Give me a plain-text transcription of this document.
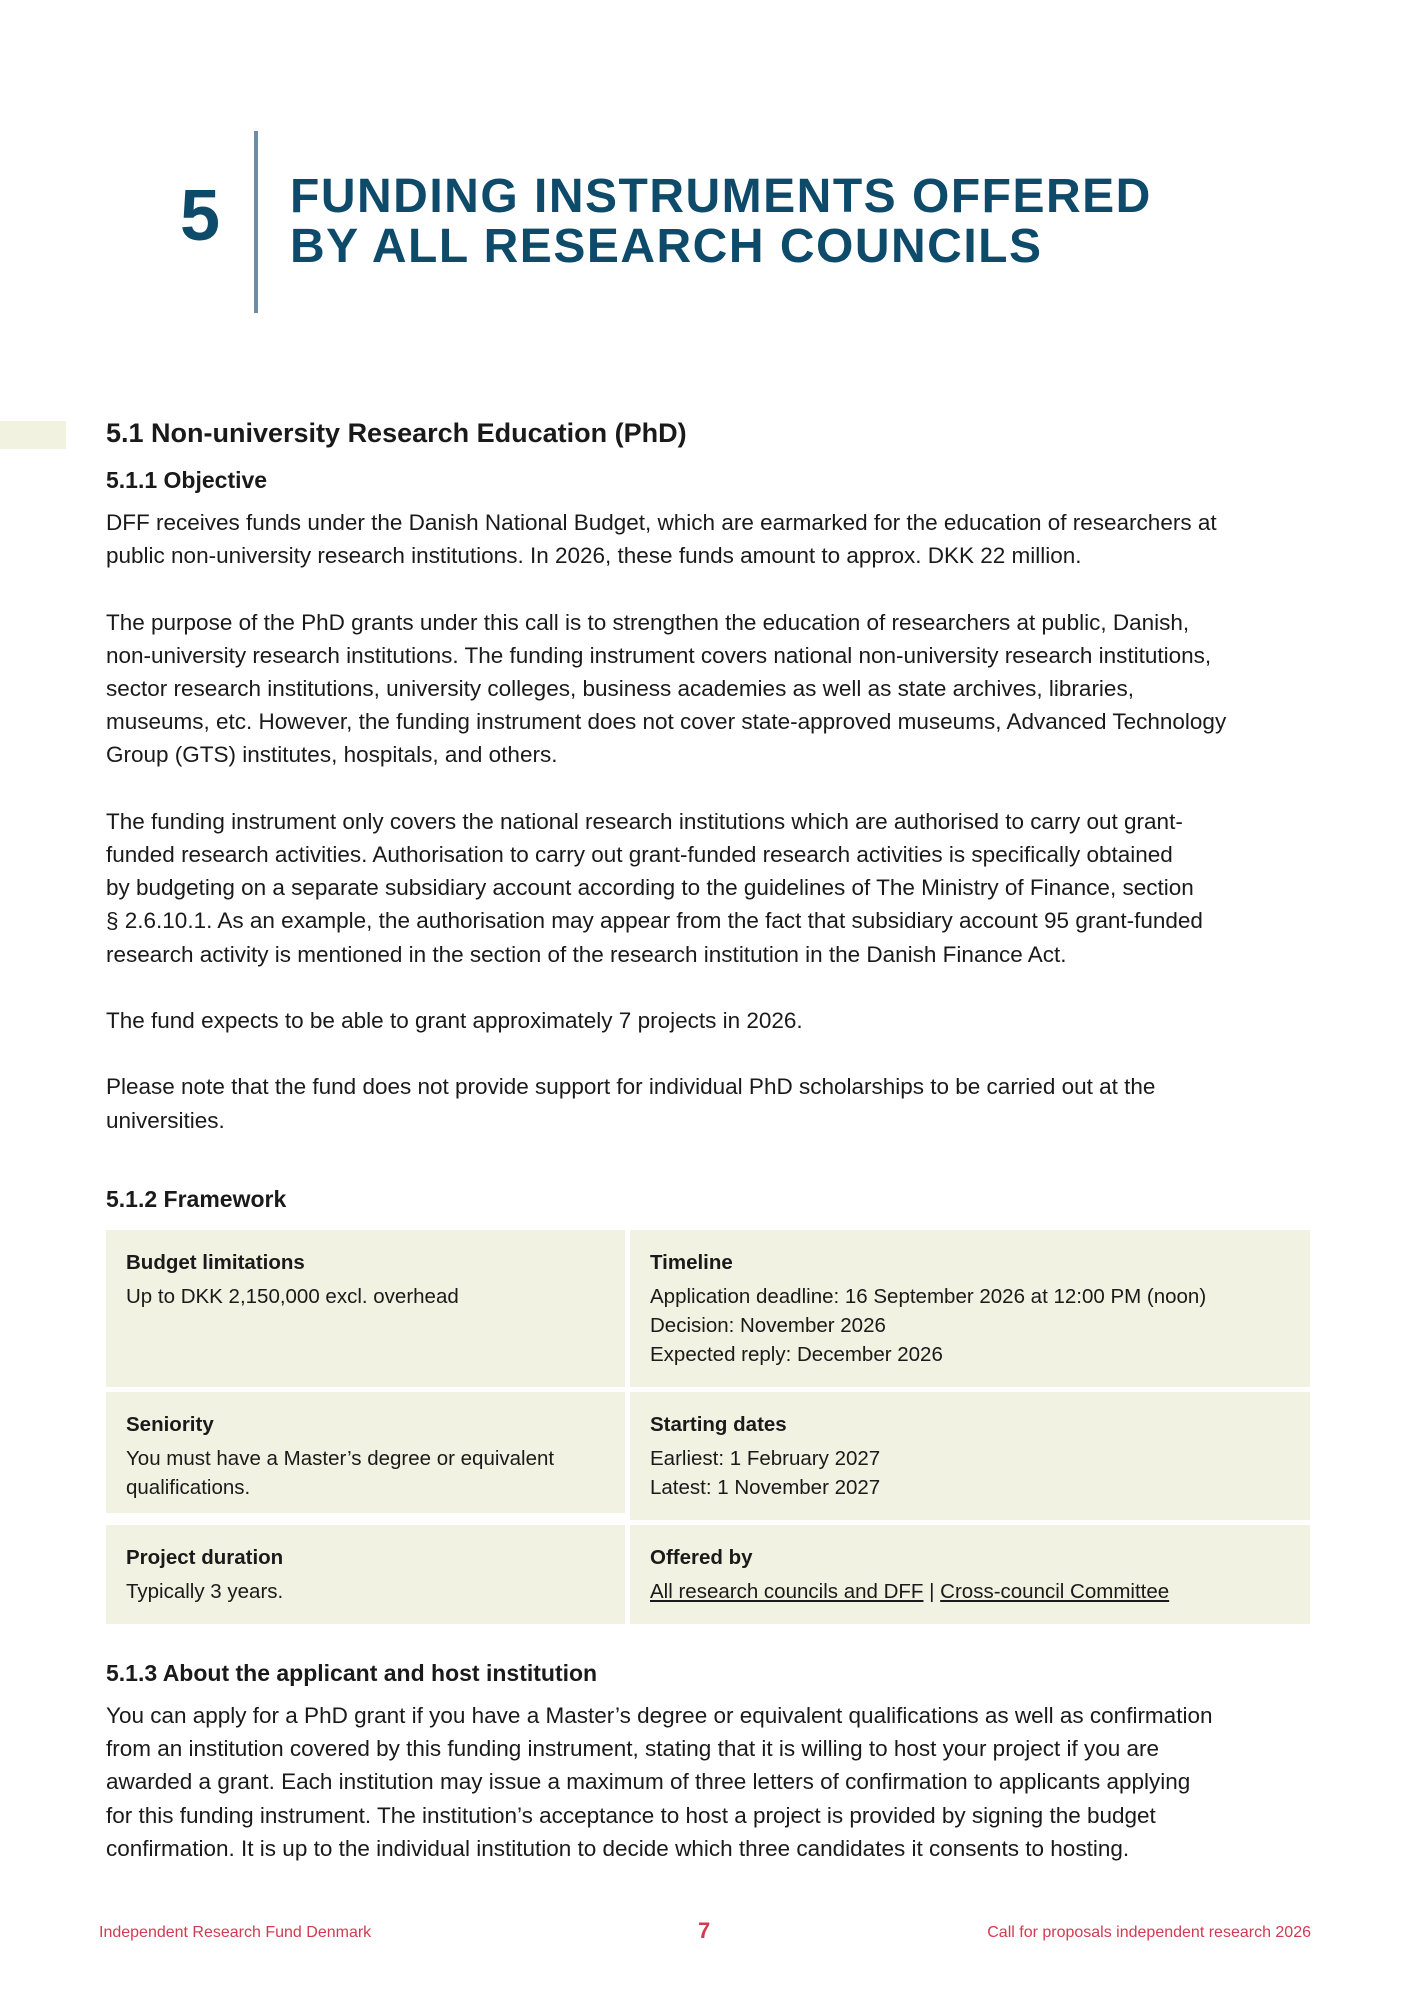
5 FUNDING INSTRUMENTS OFFERED
BY ALL RESEARCH COUNCILS
5.1 Non-university Research Education (PhD)
5.1.1 Objective
DFF receives funds under the Danish National Budget, which are earmarked for the education of researchers at
public non-university research institutions. In 2026, these funds amount to approx. DKK 22 million.
The purpose of the PhD grants under this call is to strengthen the education of researchers at public, Danish,
non-university research institutions. The funding instrument covers national non-university research institutions,
sector research institutions, university colleges, business academies as well as state archives, libraries,
museums, etc. However, the funding instrument does not cover state-approved museums, Advanced Technology
Group (GTS) institutes, hospitals, and others.
The funding instrument only covers the national research institutions which are authorised to carry out grant-
funded research activities. Authorisation to carry out grant-funded research activities is specifically obtained
by budgeting on a separate subsidiary account according to the guidelines of The Ministry of Finance, section
§ 2.6.10.1. As an example, the authorisation may appear from the fact that subsidiary account 95 grant-funded
research activity is mentioned in the section of the research institution in the Danish Finance Act.
The fund expects to be able to grant approximately 7 projects in 2026.
Please note that the fund does not provide support for individual PhD scholarships to be carried out at the
universities.
5.1.2 Framework
Budget limitations
Up to DKK 2,150,000 excl. overhead
Timeline
Application deadline: 16 September 2026 at 12:00 PM (noon)
Decision: November 2026
Expected reply: December 2026
Seniority
You must have a Master’s degree or equivalent
qualifications.
Starting dates
Earliest: 1 February 2027
Latest: 1 November 2027
Project duration
Typically 3 years.
Offered by
All research councils and DFF | Cross-council Committee
5.1.3 About the applicant and host institution
You can apply for a PhD grant if you have a Master’s degree or equivalent qualifications as well as confirmation
from an institution covered by this funding instrument, stating that it is willing to host your project if you are
awarded a grant. Each institution may issue a maximum of three letters of confirmation to applicants applying
for this funding instrument. The institution’s acceptance to host a project is provided by signing the budget
confirmation. It is up to the individual institution to decide which three candidates it consents to hosting.
Independent Research Fund Denmark	7	Call for proposals independent research 2026
